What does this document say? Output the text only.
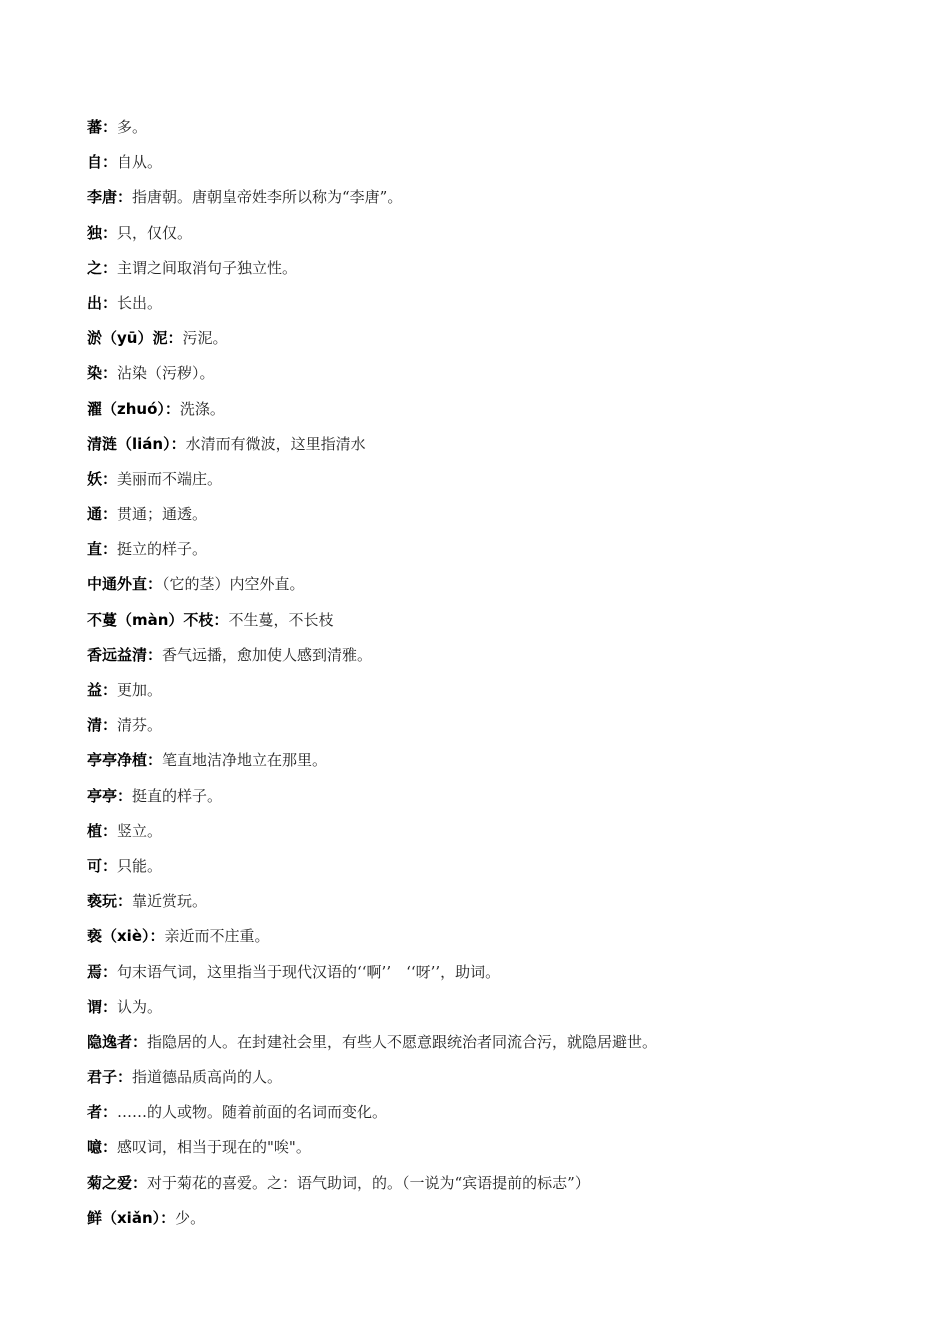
蕃：多。
自：自从。
李唐：指唐朝。唐朝皇帝姓李所以称为“李唐”。
独：只，仅仅。
之：主谓之间取消句子独立性。
出：长出。
淤（yū）泥：污泥。
染：沾染（污秽）。
濯（zhuó）：洗涤。
清涟（lián）：水清而有微波，这里指清水
妖：美丽而不端庄。
通：贯通；通透。
直：挺立的样子。
中通外直：（它的茎）内空外直。
不蔓（màn）不枝：不生蔓，不长枝
香远益清：香气远播，愈加使人感到清雅。
益：更加。
清：清芬。
亭亭净植：笔直地洁净地立在那里。
亭亭：挺直的样子。
植：竖立。
可：只能。
亵玩：靠近赏玩。
亵（xiè）：亲近而不庄重。
焉：句末语气词，这里指当于现代汉语的‘‘啊’’　‘‘呀’’，助词。
谓：认为。
隐逸者：指隐居的人。在封建社会里，有些人不愿意跟统治者同流合污，就隐居避世。
君子：指道德品质高尚的人。
者：……的人或物。随着前面的名词而变化。
噫：感叹词，相当于现在的"唉"。
菊之爱：对于菊花的喜爱。之：语气助词，的。（一说为“宾语提前的标志”）
鲜（xiǎn）：少。
